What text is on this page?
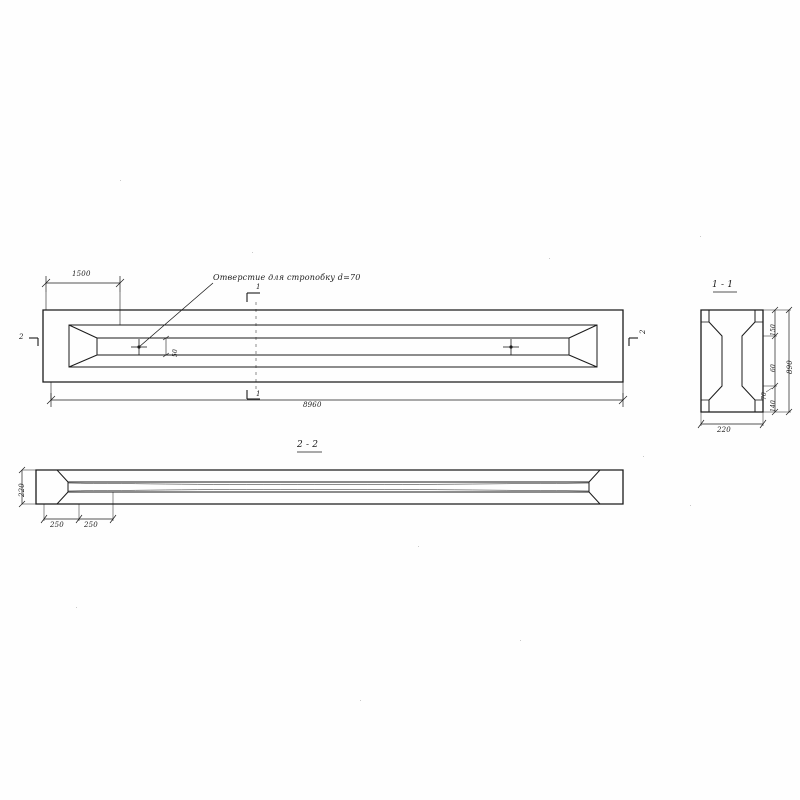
Отверстие для стропобку d=70
1500
8960
50
2
2
1
1
1 - 1
150
60
140
70
890
220
2 - 2
220
250	250
